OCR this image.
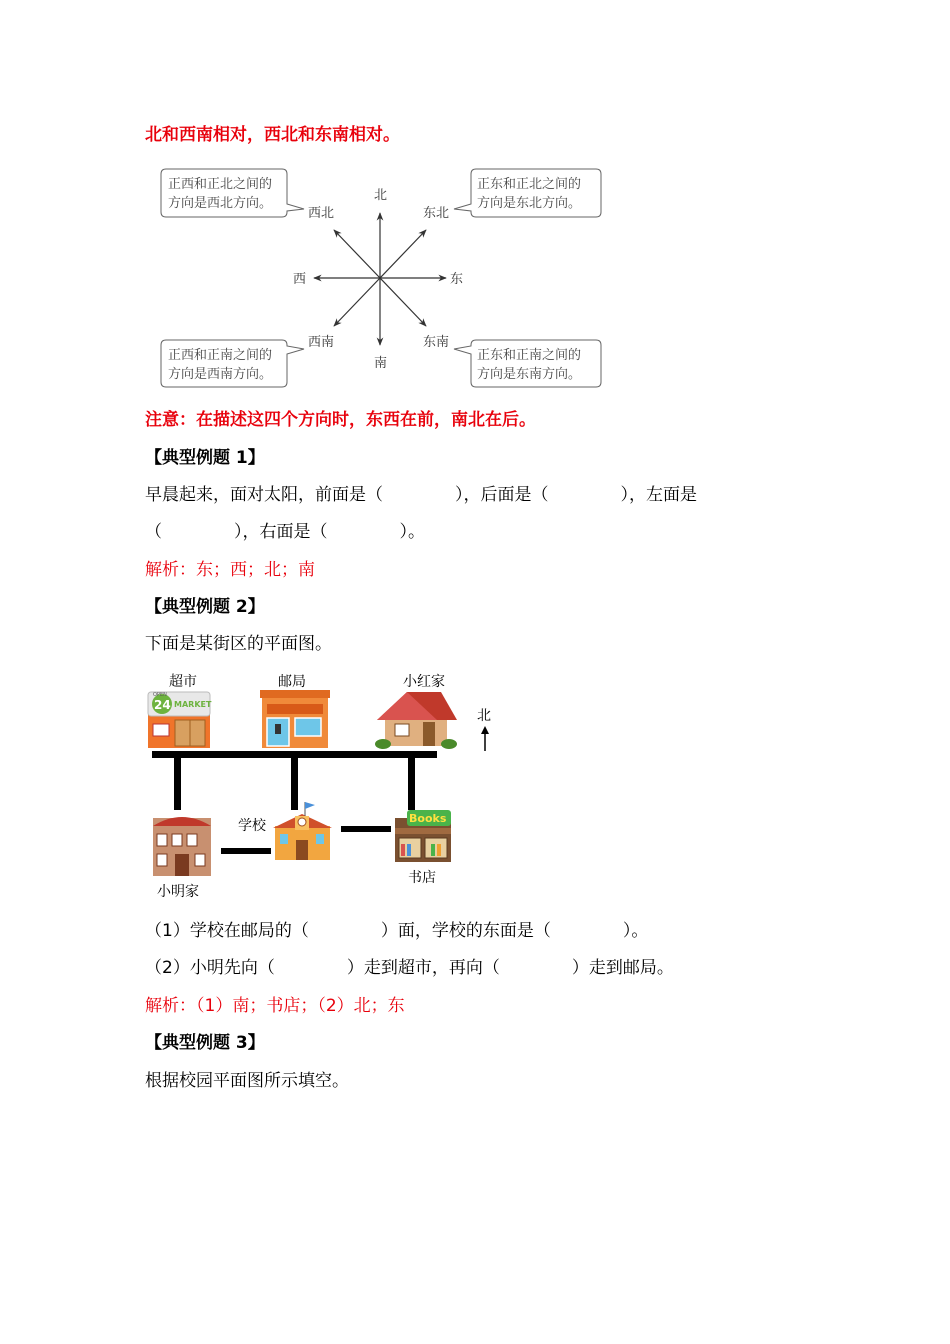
北和西南相对，西北和东南相对。
北
南
东
西
西北	东北
西南	东南
正西和正北之间的
方向是西北方向。
正东和正北之间的
方向是东北方向。
正西和正南之间的
方向是西南方向。
正东和正南之间的
方向是东南方向。
注意：在描述这四个方向时，东西在前，南北在后。
【典型例题 1】
早晨起来，面对太阳，前面是（	），后面是（	），左面是
（	），右面是（	）。
解析：东；西；北；南
【典型例题 2】
下面是某街区的平面图。
超市
OPEN
24 MARKET
邮局	小红家
北
小明家
学校	Books
书店
（1）学校在邮局的（	）面，学校的东面是（	）。
（2）小明先向（	）走到超市，再向（	）走到邮局。
解析：（1）南；书店；（2）北；东
【典型例题 3】
根据校园平面图所示填空。
